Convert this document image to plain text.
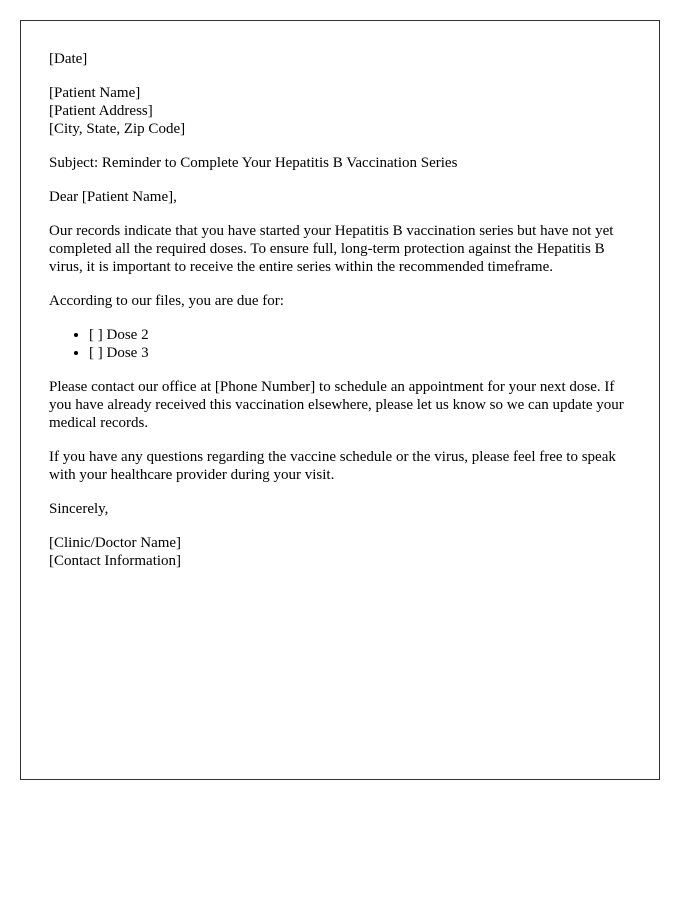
[Date]

[Patient Name]
[Patient Address]
[City, State, Zip Code]

Subject: Reminder to Complete Your Hepatitis B Vaccination Series

Dear [Patient Name],

Our records indicate that you have started your Hepatitis B vaccination series but have not yet completed all the required doses. To ensure full, long-term protection against the Hepatitis B virus, it is important to receive the entire series within the recommended timeframe.

According to our files, you are due for:

• [ ] Dose 2
• [ ] Dose 3

Please contact our office at [Phone Number] to schedule an appointment for your next dose. If you have already received this vaccination elsewhere, please let us know so we can update your medical records.

If you have any questions regarding the vaccine schedule or the virus, please feel free to speak with your healthcare provider during your visit.

Sincerely,

[Clinic/Doctor Name]
[Contact Information]
